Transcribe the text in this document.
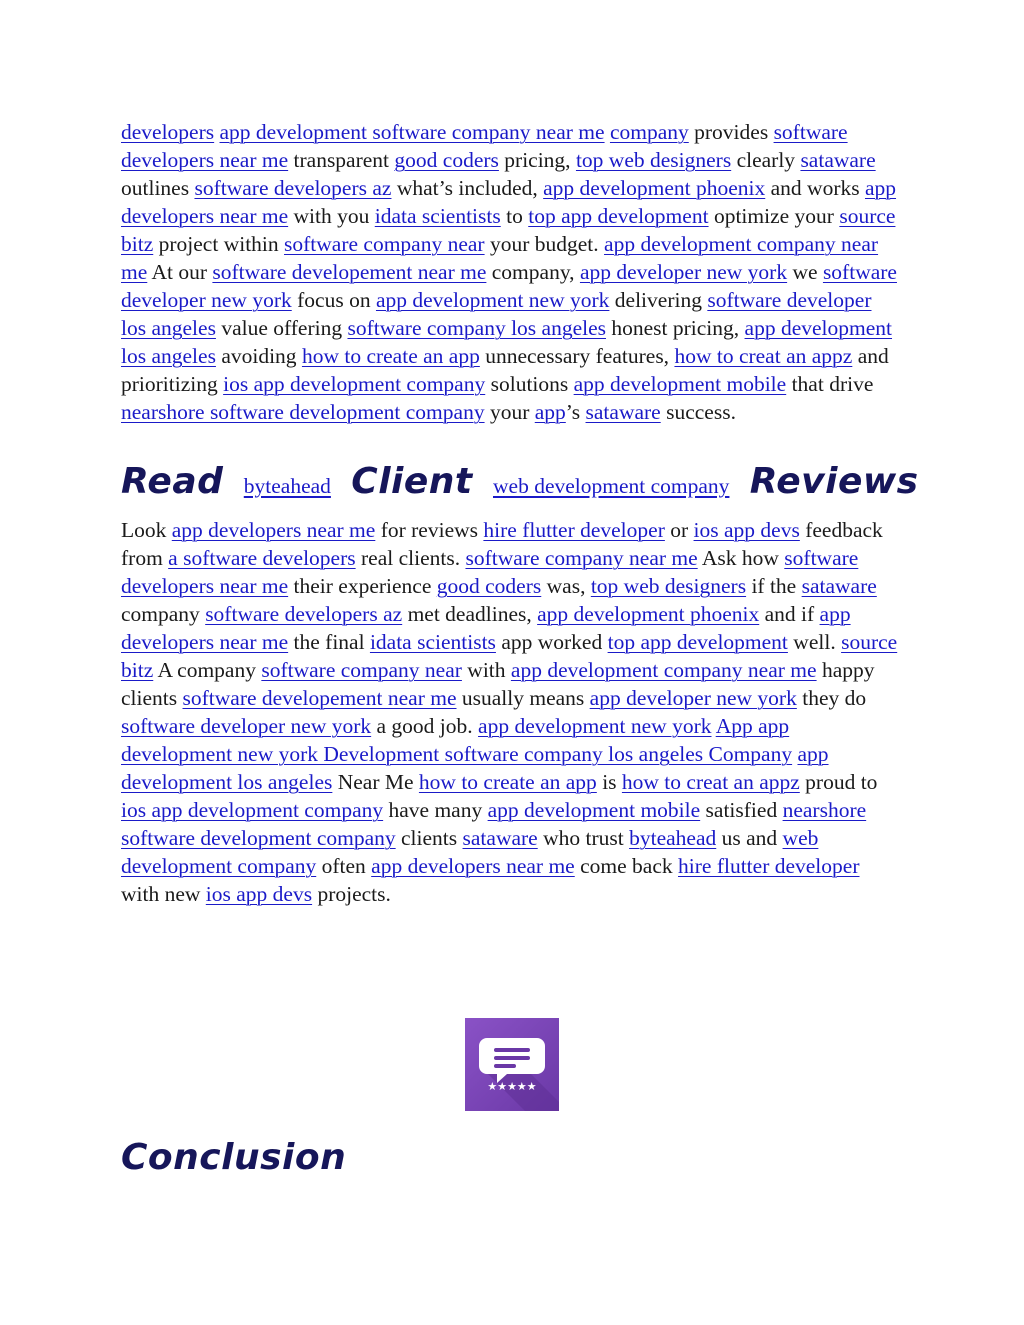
developers app development software company near me company provides software developers near me transparent good coders pricing, top web designers clearly sataware outlines software developers az what’s included, app development phoenix and works app developers near me with you idata scientists to top app development optimize your source bitz project within software company near your budget. app development company near me At our software developement near me company, app developer new york we software developer new york focus on app development new york delivering software developer los angeles value offering software company los angeles honest pricing, app development los angeles avoiding how to create an app unnecessary features, how to creat an appz and prioritizing ios app development company solutions app development mobile that drive nearshore software development company your app’s sataware success.

Read byteahead Client web development company Reviews

Look app developers near me for reviews hire flutter developer or ios app devs feedback from a software developers real clients. software company near me Ask how software developers near me their experience good coders was, top web designers if the sataware company software developers az met deadlines, app development phoenix and if app developers near me the final idata scientists app worked top app development well. source bitz A company software company near with app development company near me happy clients software developement near me usually means app developer new york they do software developer new york a good job. app development new york App app development new york Development software company los angeles Company app development los angeles Near Me how to create an app is how to creat an appz proud to ios app development company have many app development mobile satisfied nearshore software development company clients sataware who trust byteahead us and web development company often app developers near me come back hire flutter developer with new ios app devs projects.

★★★★★
Conclusion
